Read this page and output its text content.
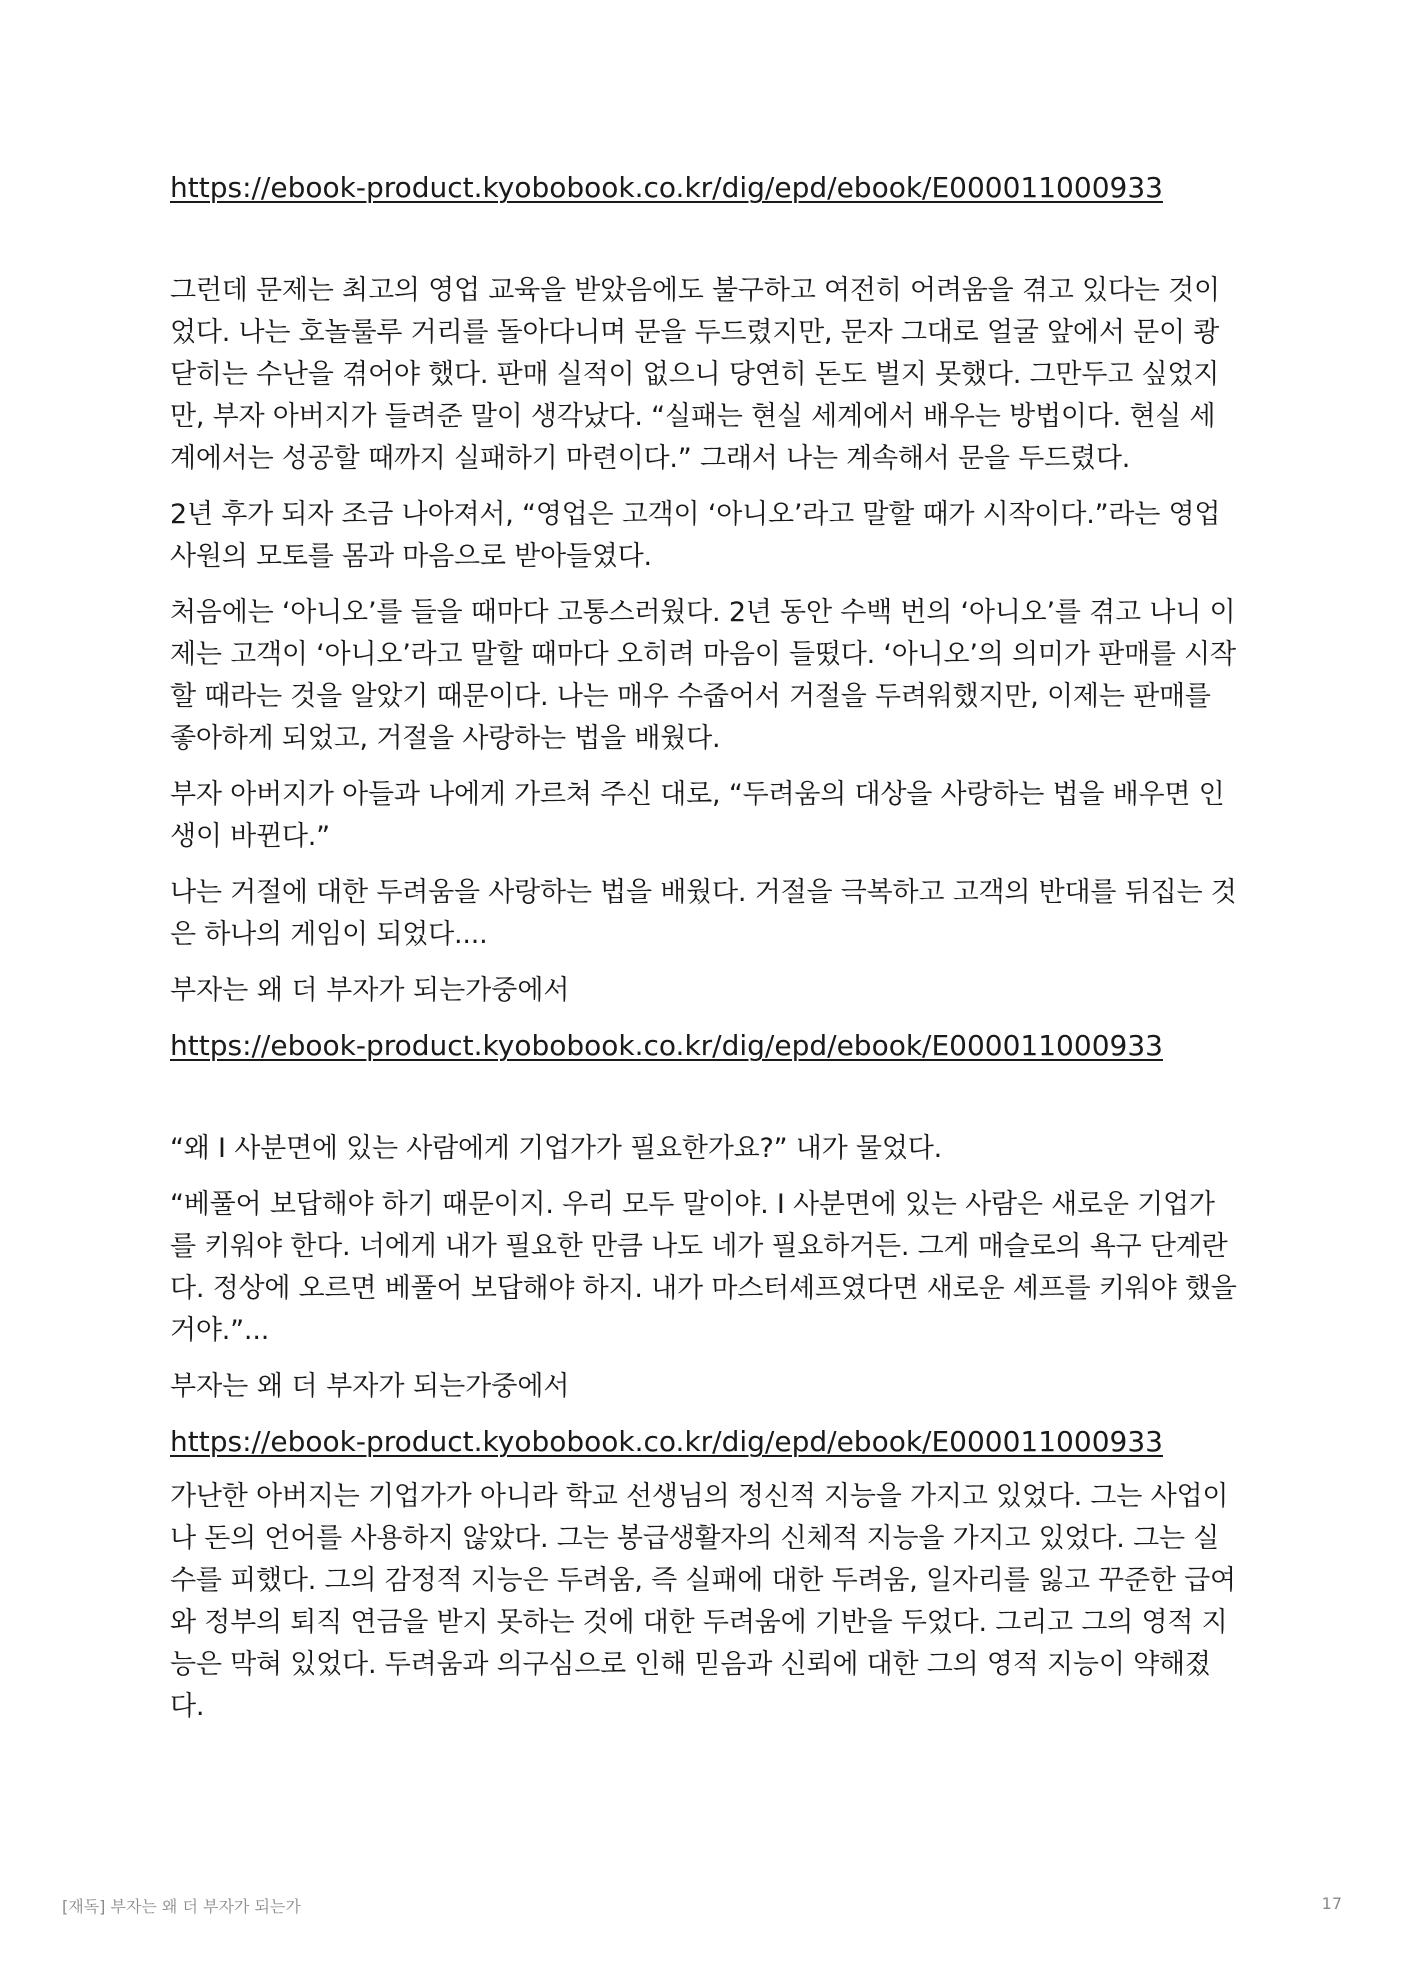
https://ebook-product.kyobobook.co.kr/dig/epd/ebook/E000011000933

그런데 문제는 최고의 영업 교육을 받았음에도 불구하고 여전히 어려움을 겪고 있다는 것이었다. 나는 호놀룰루 거리를 돌아다니며 문을 두드렸지만, 문자 그대로 얼굴 앞에서 문이 쾅 닫히는 수난을 겪어야 했다. 판매 실적이 없으니 당연히 돈도 벌지 못했다. 그만두고 싶었지만, 부자 아버지가 들려준 말이 생각났다. “실패는 현실 세계에서 배우는 방법이다. 현실 세계에서는 성공할 때까지 실패하기 마련이다.” 그래서 나는 계속해서 문을 두드렸다.

2년 후가 되자 조금 나아져서, “영업은 고객이 ‘아니오’라고 말할 때가 시작이다.”라는 영업 사원의 모토를 몸과 마음으로 받아들였다.

처음에는 ‘아니오’를 들을 때마다 고통스러웠다. 2년 동안 수백 번의 ‘아니오’를 겪고 나니 이제는 고객이 ‘아니오’라고 말할 때마다 오히려 마음이 들떴다. ‘아니오’의 의미가 판매를 시작할 때라는 것을 알았기 때문이다. 나는 매우 수줍어서 거절을 두려워했지만, 이제는 판매를 좋아하게 되었고, 거절을 사랑하는 법을 배웠다.

부자 아버지가 아들과 나에게 가르쳐 주신 대로, “두려움의 대상을 사랑하는 법을 배우면 인생이 바뀐다.”

나는 거절에 대한 두려움을 사랑하는 법을 배웠다. 거절을 극복하고 고객의 반대를 뒤집는 것은 하나의 게임이 되었다....

부자는 왜 더 부자가 되는가중에서

https://ebook-product.kyobobook.co.kr/dig/epd/ebook/E000011000933

“왜 I 사분면에 있는 사람에게 기업가가 필요한가요?” 내가 물었다.

“베풀어 보답해야 하기 때문이지. 우리 모두 말이야. I 사분면에 있는 사람은 새로운 기업가를 키워야 한다. 너에게 내가 필요한 만큼 나도 네가 필요하거든. 그게 매슬로의 욕구 단계란다. 정상에 오르면 베풀어 보답해야 하지. 내가 마스터셰프였다면 새로운 셰프를 키워야 했을 거야.”...

부자는 왜 더 부자가 되는가중에서

https://ebook-product.kyobobook.co.kr/dig/epd/ebook/E000011000933

가난한 아버지는 기업가가 아니라 학교 선생님의 정신적 지능을 가지고 있었다. 그는 사업이나 돈의 언어를 사용하지 않았다. 그는 봉급생활자의 신체적 지능을 가지고 있었다. 그는 실수를 피했다. 그의 감정적 지능은 두려움, 즉 실패에 대한 두려움, 일자리를 잃고 꾸준한 급여와 정부의 퇴직 연금을 받지 못하는 것에 대한 두려움에 기반을 두었다. 그리고 그의 영적 지능은 막혀 있었다. 두려움과 의구심으로 인해 믿음과 신뢰에 대한 그의 영적 지능이 약해졌다.

[재독] 부자는 왜 더 부자가 되는가	17
